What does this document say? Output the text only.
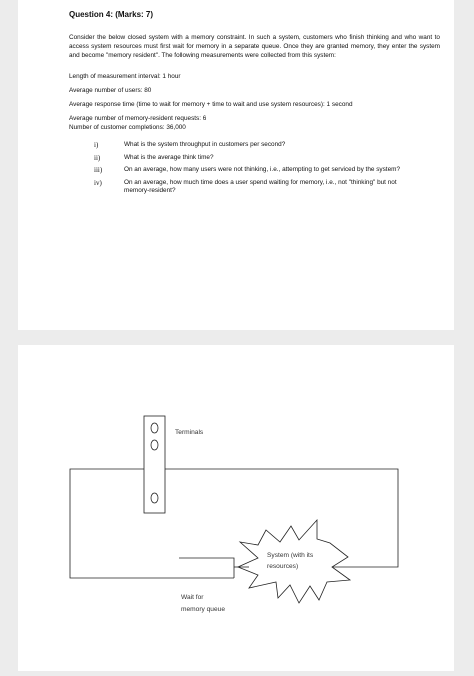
Question 4: (Marks: 7)
Consider the below closed system with a memory constraint. In such a system, customers who finish thinking and who want to access system resources must first wait for memory in a separate queue. Once they are granted memory, they enter the system and become "memory resident". The following measurements were collected from this system:
Length of measurement interval: 1 hour
Average number of users: 80
Average response time (time to wait for memory + time to wait and use system resources): 1 second
Average number of memory-resident requests: 6
Number of customer completions: 36,000
i)	What is the system throughput in customers per second?
ii)	What is the average think time?
iii)	On an average, how many users were not thinking, i.e., attempting to get serviced by the system?
iv)	On an average, how much time does a user spend waiting for memory, i.e., not "thinking" but not memory-resident?
Terminals
System (with its
resources)
Wait for
memory queue
